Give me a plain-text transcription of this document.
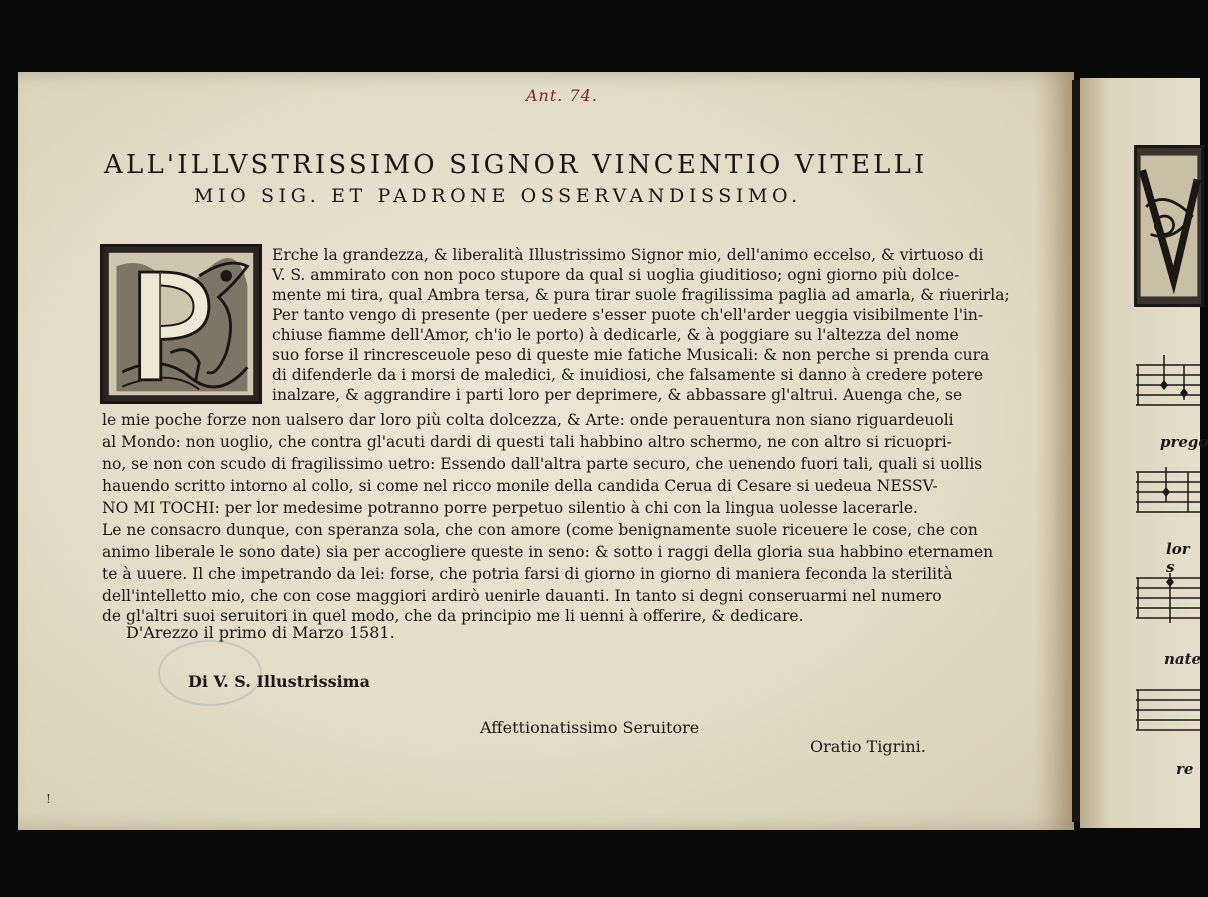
Ant. 74.
ALL'ILLVSTRISSIMO SIGNOR VINCENTIO VITELLI
MIO SIG. ET PADRONE OSSERVANDISSIMO.
Erche la grandezza, & liberalità Illustrissimo Signor mio, dell'animo eccelso, & virtuoso di
V. S. ammirato con non poco stupore da qual si uoglia giuditioso; ogni giorno più dolce-
mente mi tira, qual Ambra tersa, & pura tirar suole fragilissima paglia ad amarla, & riuerirla;
Per tanto vengo di presente (per uedere s'esser puote ch'ell'arder ueggia visibilmente l'in-
chiuse fiamme dell'Amor, ch'io le porto) à dedicarle, & à poggiare su l'altezza del nome
suo forse il rincresceuole peso di queste mie fatiche Musicali: & non perche si prenda cura
di difenderle da i morsi de maledici, & inuidiosi, che falsamente si danno à credere potere
inalzare, & aggrandire i parti loro per deprimere, & abbassare gl'altrui. Auenga che, se
le mie poche forze non ualsero dar loro più colta dolcezza, & Arte: onde perauentura non siano riguardeuoli
al Mondo: non uoglio, che contra gl'acuti dardi di questi tali habbino altro schermo, ne con altro si ricuopri-
no, se non con scudo di fragilissimo uetro: Essendo dall'altra parte securo, che uenendo fuori tali, quali si uollis
hauendo scritto intorno al collo, si come nel ricco monile della candida Cerua di Cesare si uedeua NESSV-
NO MI TOCHI: per lor medesime potranno porre perpetuo silentio à chi con la lingua uolesse lacerarle.
Le ne consacro dunque, con speranza sola, che con amore (come benignamente suole riceuere le cose, che con
animo liberale le sono date) sia per accogliere queste in seno: & sotto i raggi della gloria sua habbino eternamen
te à uuere. Il che impetrando da lei: forse, che potria farsi di giorno in giorno di maniera feconda la sterilità
dell'intelletto mio, che con cose maggiori ardirò uenirle dauanti. In tanto si degni conseruarmi nel numero
de gl'altri suoi seruitori in quel modo, che da principio me li uenni à offerire, & dedicare.
D'Arezzo il primo di Marzo 1581.
Di V. S. Illustrissima
Affettionatissimo Seruitore
Oratio Tigrini.
!
prego
lor s
nate
re
